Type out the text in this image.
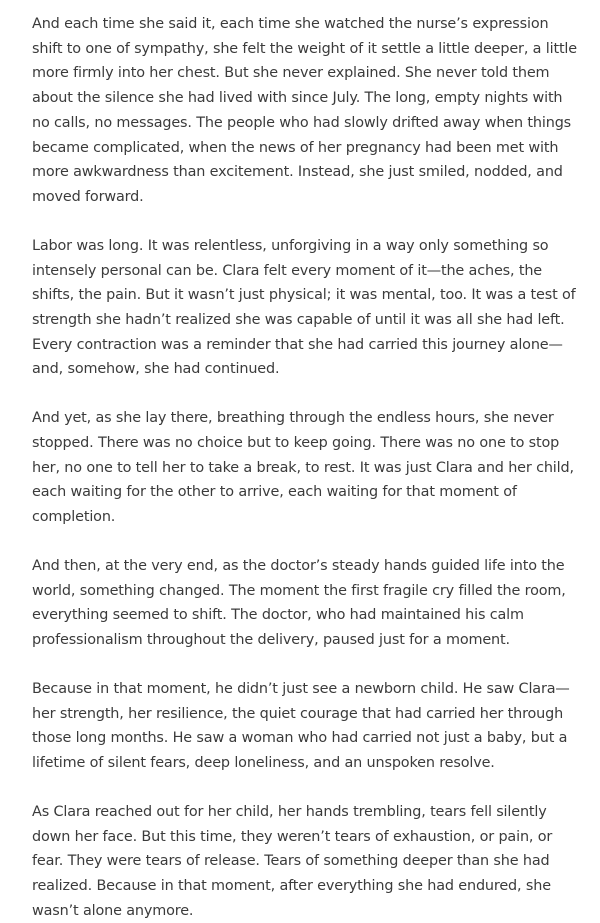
And each time she said it, each time she watched the nurse’s expression shift to one of sympathy, she felt the weight of it settle a little deeper, a little more firmly into her chest. But she never explained. She never told them about the silence she had lived with since July. The long, empty nights with no calls, no messages. The people who had slowly drifted away when things became complicated, when the news of her pregnancy had been met with more awkwardness than excitement. Instead, she just smiled, nodded, and moved forward.

Labor was long. It was relentless, unforgiving in a way only something so intensely personal can be. Clara felt every moment of it—the aches, the shifts, the pain. But it wasn’t just physical; it was mental, too. It was a test of strength she hadn’t realized she was capable of until it was all she had left. Every contraction was a reminder that she had carried this journey alone—and, somehow, she had continued.

And yet, as she lay there, breathing through the endless hours, she never stopped. There was no choice but to keep going. There was no one to stop her, no one to tell her to take a break, to rest. It was just Clara and her child, each waiting for the other to arrive, each waiting for that moment of completion.

And then, at the very end, as the doctor’s steady hands guided life into the world, something changed. The moment the first fragile cry filled the room, everything seemed to shift. The doctor, who had maintained his calm professionalism throughout the delivery, paused just for a moment.

Because in that moment, he didn’t just see a newborn child. He saw Clara—her strength, her resilience, the quiet courage that had carried her through those long months. He saw a woman who had carried not just a baby, but a lifetime of silent fears, deep loneliness, and an unspoken resolve.

As Clara reached out for her child, her hands trembling, tears fell silently down her face. But this time, they weren’t tears of exhaustion, or pain, or fear. They were tears of release. Tears of something deeper than she had realized. Because in that moment, after everything she had endured, she wasn’t alone anymore.
